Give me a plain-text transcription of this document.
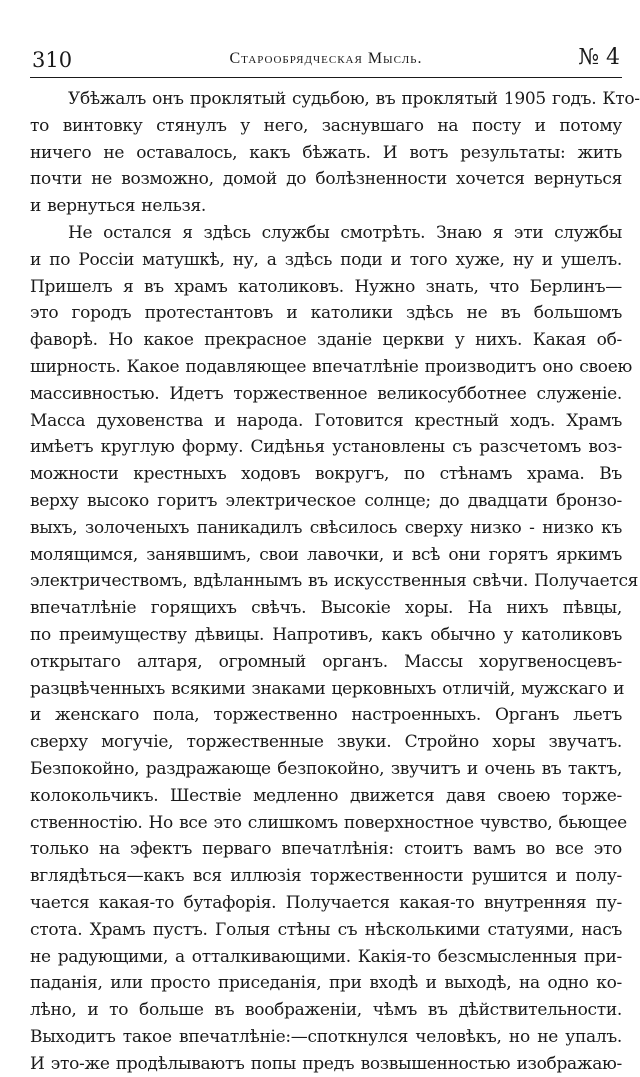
310	Старообрядческая Мысль.	№ 4
Убѣжалъ онъ проклятый судьбою, въ проклятый 1905 годъ. Кто-
то винтовку стянулъ у него, заснувшаго на посту и потому
ничего не оставалось, какъ бѣжать. И вотъ результаты: жить
почти не возможно, домой до болѣзненности хочется вернуться
и вернуться нельзя.
Не остался я здѣсь службы смотрѣть. Знаю я эти службы
и по Россіи матушкѣ, ну, а здѣсь поди и того хуже, ну и ушелъ.
Пришелъ я въ храмъ католиковъ. Нужно знать, что Берлинъ—
это городъ протестантовъ и католики здѣсь не въ большомъ
фаворѣ. Но какое прекрасное зданіе церкви у нихъ. Какая об-
ширность. Какое подавляющее впечатлѣніе производитъ оно своею
массивностью. Идетъ торжественное великосубботнее служеніе.
Масса духовенства и народа. Готовится крестный ходъ. Храмъ
имѣетъ круглую форму. Сидѣнья установлены съ разсчетомъ воз-
можности крестныхъ ходовъ вокругъ, по стѣнамъ храма. Въ
верху высоко горитъ электрическое солнце; до двадцати бронзо-
выхъ, золоченыхъ паникадилъ свѣсилось сверху низко - низко къ
молящимся, занявшимъ, свои лавочки, и всѣ они горятъ яркимъ
электричествомъ, вдѣланнымъ въ искусственныя свѣчи. Получается
впечатлѣніе горящихъ свѣчъ. Высокіе хоры. На нихъ пѣвцы,
по преимуществу дѣвицы. Напротивъ, какъ обычно у католиковъ
открытаго алтаря, огромный органъ. Массы хоругвеносцевъ-
разцвѣченныхъ всякими знаками церковныхъ отличій, мужскаго и
и женскаго пола, торжественно настроенныхъ. Органъ льетъ
сверху могучіе, торжественные звуки. Стройно хоры звучатъ.
Безпокойно, раздражающе безпокойно, звучитъ и очень въ тактъ,
колокольчикъ. Шествіе медленно движется давя своею торже-
ственностію. Но все это слишкомъ поверхностное чувство, бьющее
только на эфектъ перваго впечатлѣнія: стоитъ вамъ во все это
вглядѣться—какъ вся иллюзія торжественности рушится и полу-
чается какая-то бутафорія. Получается какая-то внутренняя пу-
стота. Храмъ пустъ. Голыя стѣны съ нѣсколькими статуями, насъ
не радующими, а отталкивающими. Какія-то безсмысленныя при-
паданія, или просто приседанія, при входѣ и выходѣ, на одно ко-
лѣно, и то больше въ воображеніи, чѣмъ въ дѣйствительности.
Выходитъ такое впечатлѣніе:—споткнулся человѣкъ, но не упалъ.
И это-же продѣлываютъ попы предъ возвышенностью изображаю-
